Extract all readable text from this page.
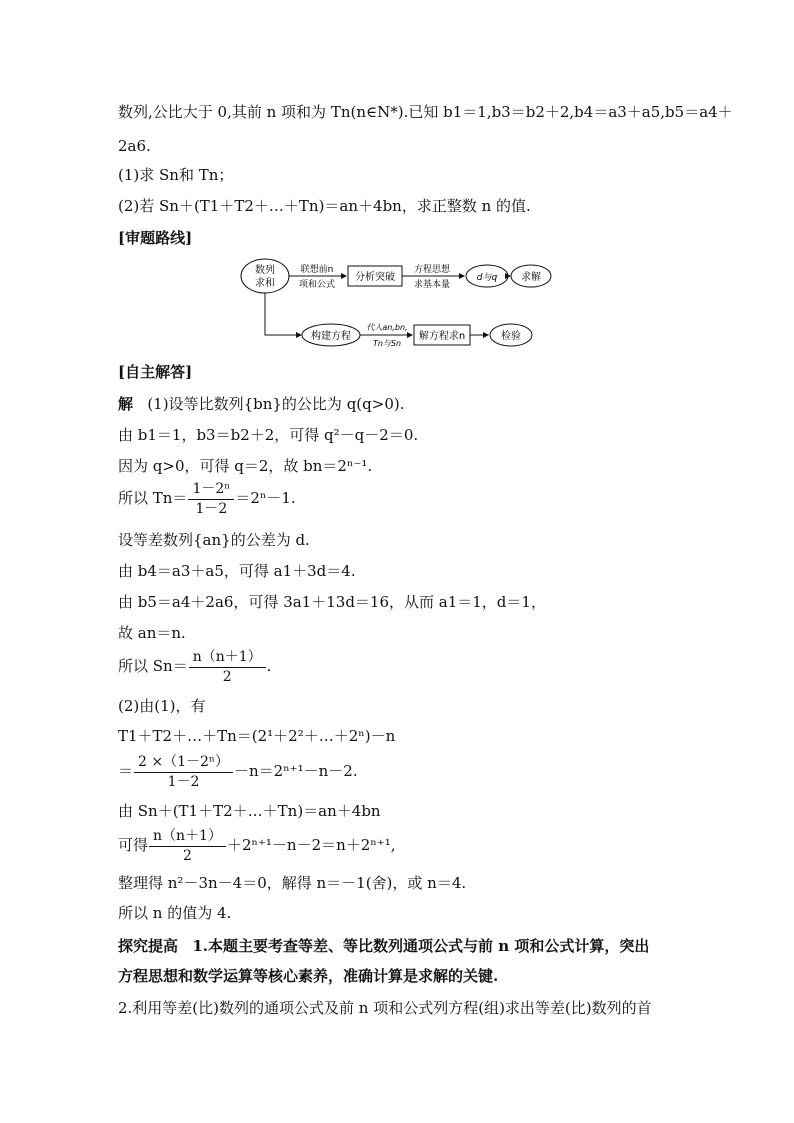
数列,公比大于 0,其前 n 项和为 Tn(n∈N*).已知 b1＝1,b3＝b2＋2,b4＝a3＋a5,b5＝a4＋
2a6.
(1)求 Sn和 Tn；
(2)若 Sn＋(T1＋T2＋…＋Tn)＝an＋4bn，求正整数 n 的值.
[审题路线]
数列
求和
联想前n
项和公式
分析突破
方程思想
求基本量
d与q 求解
构建方程
代入an,bn,
Tn与Sn
解方程求n	检验
[自主解答]
解 (1)设等比数列{bn}的公比为 q(q>0).
由 b1＝1，b3＝b2＋2，可得 q²－q－2＝0.
因为 q>0，可得 q＝2，故 bn＝2ⁿ⁻¹.
所以 $Tn= \frac{\text{1－2ⁿ}}{1-2} =2^n-1$.
设等差数列{an}的公差为 d.
由 b4＝a3＋a5，可得 a1＋3d＝4.
由 b5＝a4＋2a6，可得 3a1＋13d＝16，从而 a1＝1，d＝1，
故 an＝n.
所以 $Sn= \frac{n(n+1)}{2}$ .
(2)由(1)，有
T1＋T2＋…＋Tn＝(2¹＋2²＋…＋2ⁿ)－n
＝ $\frac{\text{2 ×（1－2ⁿ）}}{1-2} -n=2^{n+1}-n-2$.
由 Sn＋(T1＋T2＋…＋Tn)＝an＋4bn
可得 $\frac{n(n+1)}{2} +2^{n+1}-n-2=n+2^{n+1}$,
整理得 n²－3n－4＝0，解得 n＝－1(舍)，或 n＝4.
所以 n 的值为 4.
探究提高 1.本题主要考查等差、等比数列通项公式与前 n 项和公式计算，突出
方程思想和数学运算等核心素养，准确计算是求解的关键.
2.利用等差(比)数列的通项公式及前 n 项和公式列方程(组)求出等差(比)数列的首
